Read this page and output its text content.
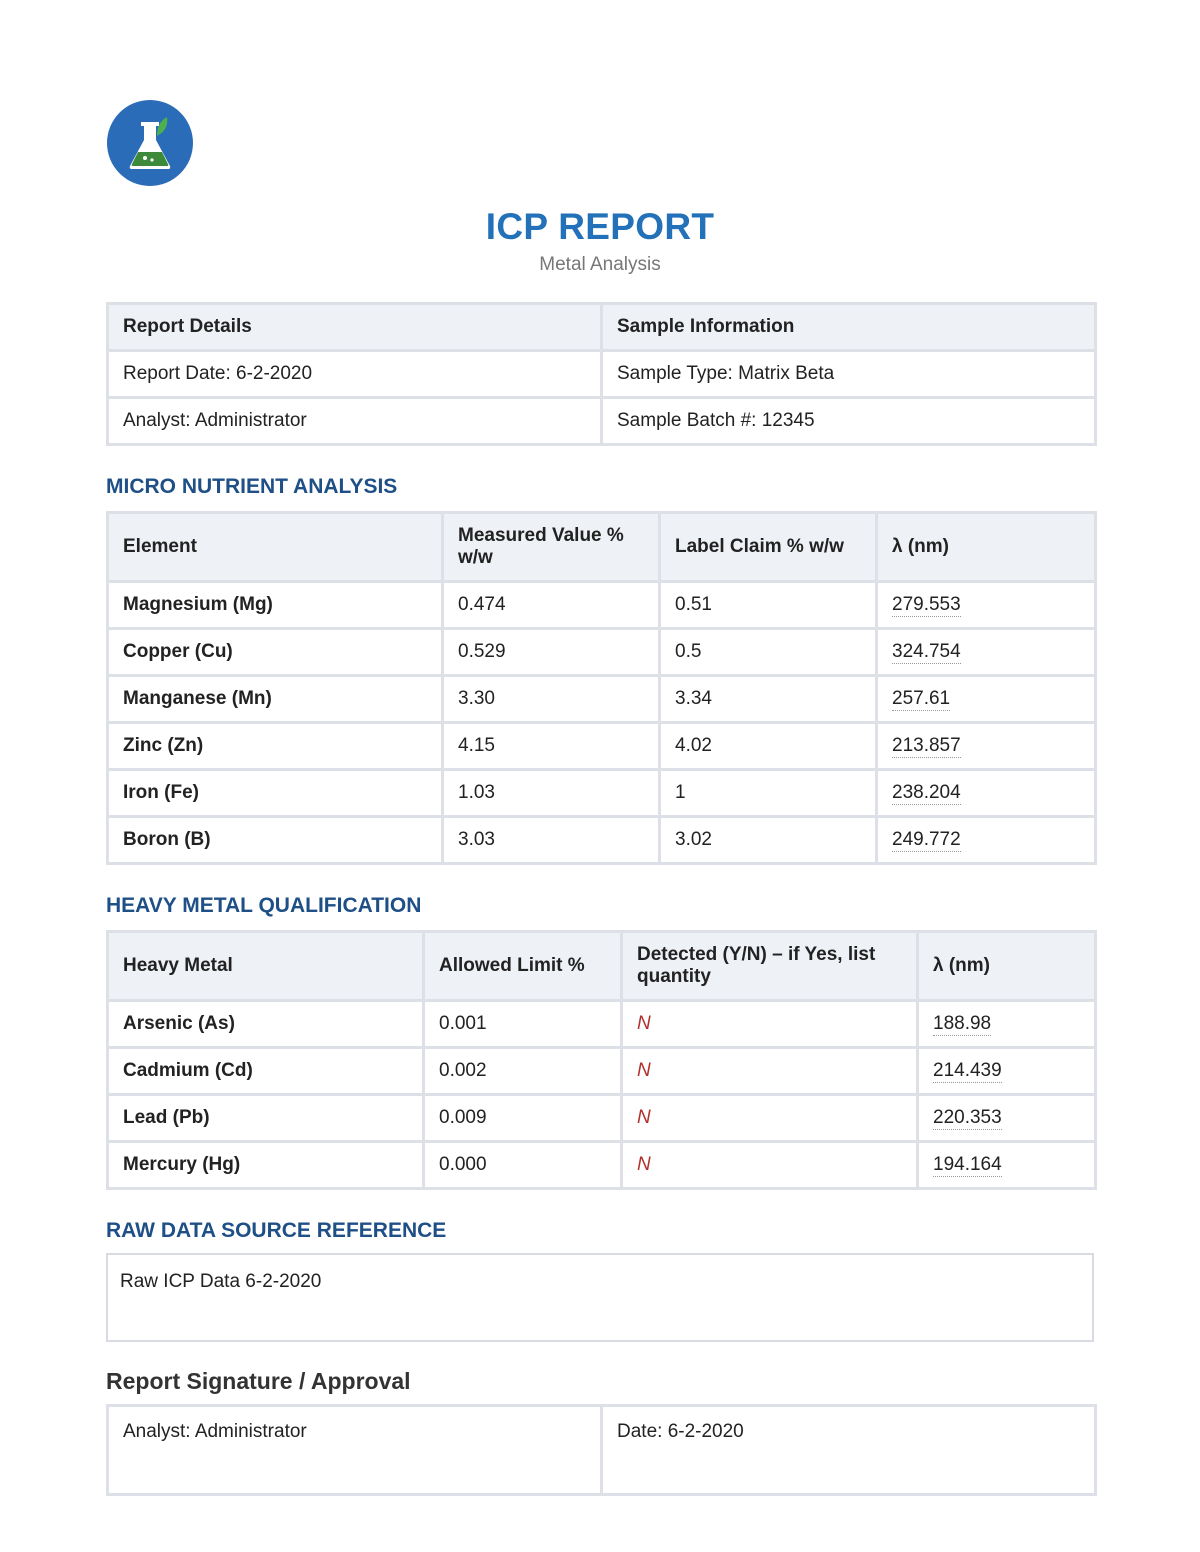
ICP REPORT
Metal Analysis
Report Details	Sample Information
Report Date: 6-2-2020	Sample Type: Matrix Beta
Analyst: Administrator	Sample Batch #: 12345
MICRO NUTRIENT ANALYSIS
Element	Measured Value % w/w	Label Claim % w/w	λ (nm)
Magnesium (Mg)	0.474	0.51	279.553
Copper (Cu)	0.529	0.5	324.754
Manganese (Mn)	3.30	3.34	257.61
Zinc (Zn)	4.15	4.02	213.857
Iron (Fe)	1.03	1	238.204
Boron (B)	3.03	3.02	249.772
HEAVY METAL QUALIFICATION
Heavy Metal	Allowed Limit %	Detected (Y/N) – if Yes, list quantity	λ (nm)
Arsenic (As)	0.001	N	188.98
Cadmium (Cd)	0.002	N	214.439
Lead (Pb)	0.009	N	220.353
Mercury (Hg)	0.000	N	194.164
RAW DATA SOURCE REFERENCE
Raw ICP Data 6-2-2020
Report Signature / Approval
Analyst: Administrator	Date: 6-2-2020
